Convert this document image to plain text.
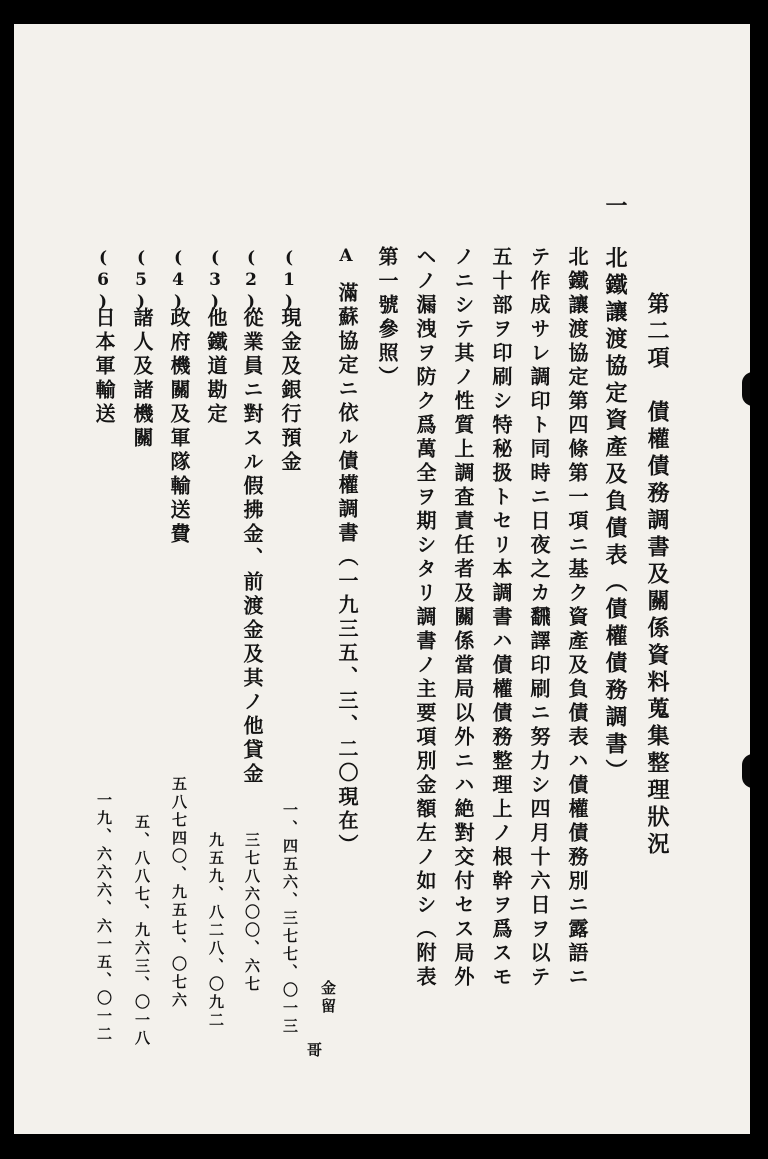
第二項　債權債務調書及關係資料蒐集整理狀況
一
北鐵讓渡協定資產及負債表（債權債務調書）
北鐵讓渡協定第四條第一項ニ基ク資產及負債表ハ債權債務別ニ露語ニ
テ作成サレ調印ト同時ニ日夜之カ飜譯印刷ニ努力シ四月十六日ヲ以テ
五十部ヲ印刷シ特秘扱トセリ本調書ハ債權債務整理上ノ根幹ヲ爲スモ
ノニシテ其ノ性質上調査責任者及關係當局以外ニハ絶對交付セス局外
ヘノ漏洩ヲ防ク爲萬全ヲ期シタリ調書ノ主要項別金額左ノ如シ（附表
第一號參照）
A
滿蘇協定ニ依ル債權調書（一九三五、三、二〇現在）
金留
哥
(1)
(2)
(3)
(4)
(5)
(6)
現金及銀行預金
從業員ニ對スル假拂金、前渡金及其ノ他貸金
他鐵道勘定
政府機關及軍隊輸送費
諸人及諸機關
日本軍輸送
一、四五六、三七七、〇一三
三七八六〇〇、六七
九五九、八二八、〇九二
五八七四〇、九五七、〇七六
五、八八七、九六三、〇一八
一九、六六六、六一五、〇一二
